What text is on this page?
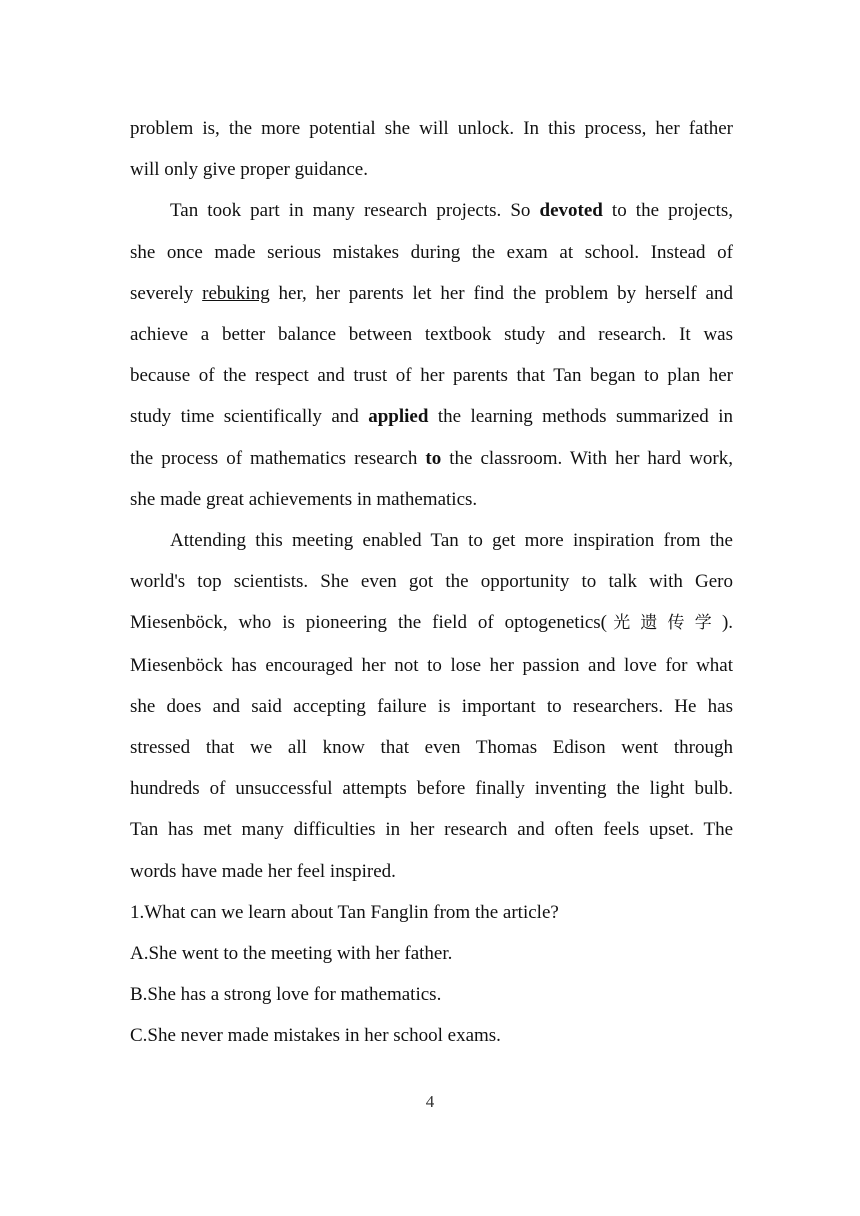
problem is, the more potential she will unlock. In this process, her father
will only give proper guidance.
Tan took part in many research projects. So devoted to the projects,
she once made serious mistakes during the exam at school. Instead of
severely rebuking her, her parents let her find the problem by herself and
achieve a better balance between textbook study and research. It was
because of the respect and trust of her parents that Tan began to plan her
study time scientifically and applied the learning methods summarized in
the process of mathematics research to the classroom. With her hard work,
she made great achievements in mathematics.
Attending this meeting enabled Tan to get more inspiration from the
world's top scientists. She even got the opportunity to talk with Gero
Miesenböck, who is pioneering the field of optogenetics(光遗传学).
Miesenböck has encouraged her not to lose her passion and love for what
she does and said accepting failure is important to researchers. He has
stressed that we all know that even Thomas Edison went through
hundreds of unsuccessful attempts before finally inventing the light bulb.
Tan has met many difficulties in her research and often feels upset. The
words have made her feel inspired.

1.What can we learn about Tan Fanglin from the article?

A.She went to the meeting with her father.

B.She has a strong love for mathematics.

C.She never made mistakes in her school exams.

4
